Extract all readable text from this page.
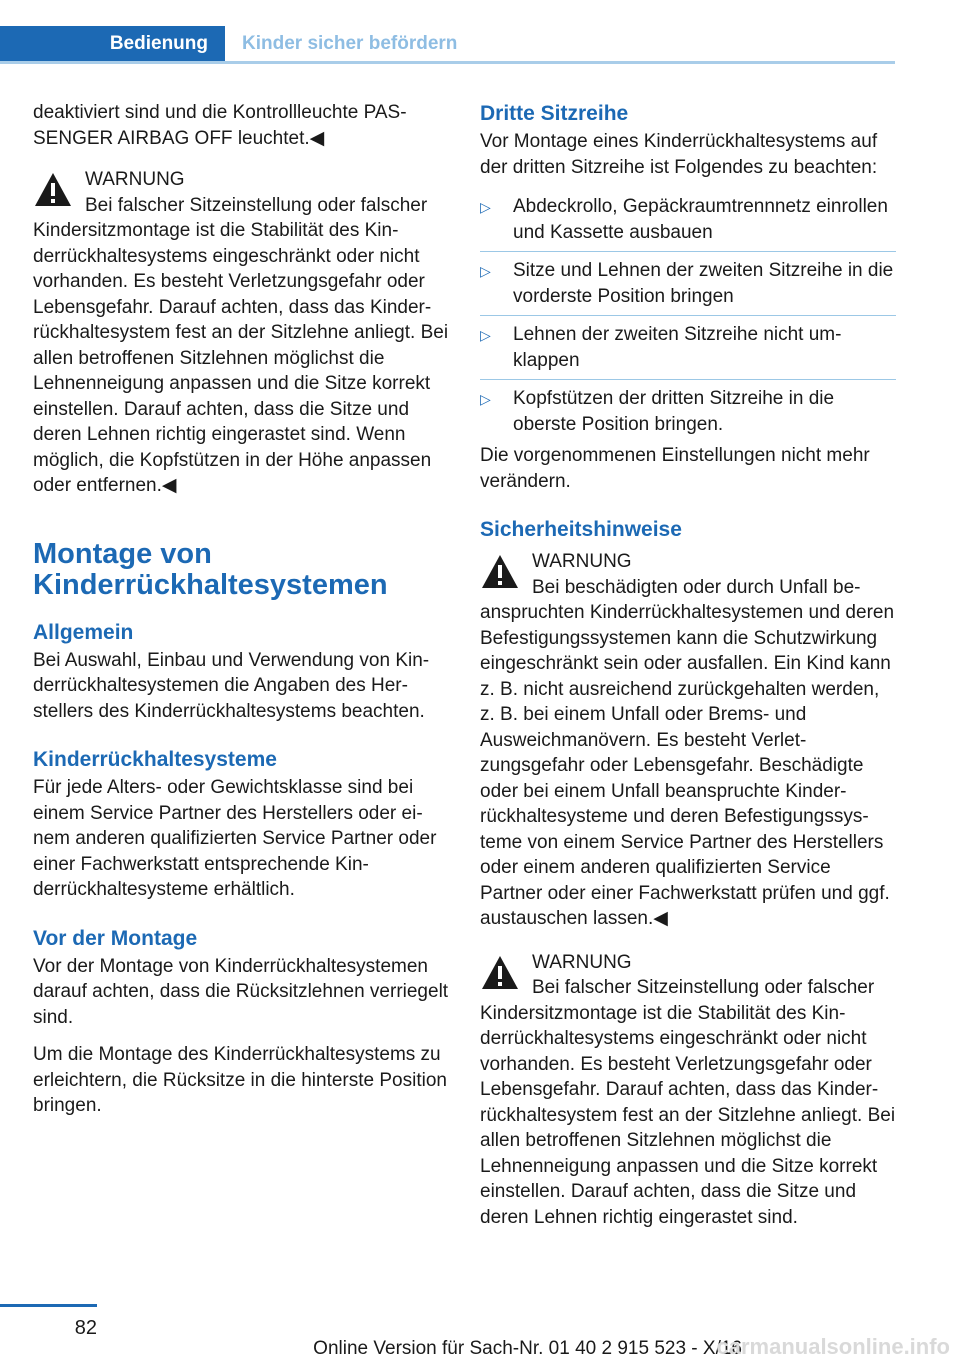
Bedienung	Kinder sicher befördern

deaktiviert sind und die Kontrollleuchte PASSENGER AIRBAG OFF leuchtet.◀

WARNUNG
Bei falscher Sitzeinstellung oder falscher Kindersitzmontage ist die Stabilität des Kinderrückhaltesystems eingeschränkt oder nicht vorhanden. Es besteht Verletzungsgefahr oder Lebensgefahr. Darauf achten, dass das Kinderrückhaltesystem fest an der Sitzlehne anliegt. Bei allen betroffenen Sitzlehnen möglichst die Lehnenneigung anpassen und die Sitze korrekt einstellen. Darauf achten, dass die Sitze und deren Lehnen richtig eingerastet sind. Wenn möglich, die Kopfstützen in der Höhe anpassen oder entfernen.◀
Montage von Kinderrückhaltesystemen
Allgemein

Bei Auswahl, Einbau und Verwendung von Kinderrückhaltesystemen die Angaben des Herstellers des Kinderrückhaltesystems beachten.

Kinderrückhaltesysteme

Für jede Alters- oder Gewichtsklasse sind bei einem Service Partner des Herstellers oder einem anderen qualifizierten Service Partner oder einer Fachwerkstatt entsprechende Kinderrückhaltesysteme erhältlich.

Vor der Montage

Vor der Montage von Kinderrückhaltesystemen darauf achten, dass die Rücksitzlehnen verriegelt sind.

Um die Montage des Kinderrückhaltesystems zu erleichtern, die Rücksitze in die hinterste Position bringen.

Dritte Sitzreihe

Vor Montage eines Kinderrückhaltesystems auf der dritten Sitzreihe ist Folgendes zu beachten:

▷ Abdeckrollo, Gepäckraumtrennnetz einrollen und Kassette ausbauen
▷ Sitze und Lehnen der zweiten Sitzreihe in die vorderste Position bringen
▷ Lehnen der zweiten Sitzreihe nicht umklappen
▷ Kopfstützen der dritten Sitzreihe in die oberste Position bringen.

Die vorgenommenen Einstellungen nicht mehr verändern.

Sicherheitshinweise
WARNUNG
Bei beschädigten oder durch Unfall beanspruchten Kinderrückhaltesystemen und deren Befestigungssystemen kann die Schutzwirkung eingeschränkt sein oder ausfallen. Ein Kind kann z. B. nicht ausreichend zurückgehalten werden, z. B. bei einem Unfall oder Brems- und Ausweichmanövern. Es besteht Verletzungsgefahr oder Lebensgefahr. Beschädigte oder bei einem Unfall beanspruchte Kinderrückhaltesysteme und deren Befestigungssysteme von einem Service Partner des Herstellers oder einem anderen qualifizierten Service Partner oder einer Fachwerkstatt prüfen und ggf. austauschen lassen.◀
WARNUNG
Bei falscher Sitzeinstellung oder falscher Kindersitzmontage ist die Stabilität des Kinderrückhaltesystems eingeschränkt oder nicht vorhanden. Es besteht Verletzungsgefahr oder Lebensgefahr. Darauf achten, dass das Kinderrückhaltesystem fest an der Sitzlehne anliegt. Bei allen betroffenen Sitzlehnen möglichst die Lehnenneigung anpassen und die Sitze korrekt einstellen. Darauf achten, dass die Sitze und deren Lehnen richtig eingerastet sind.
82
Online Version für Sach-Nr. 01 40 2 915 523 - X/16
carmanualsonline.info
